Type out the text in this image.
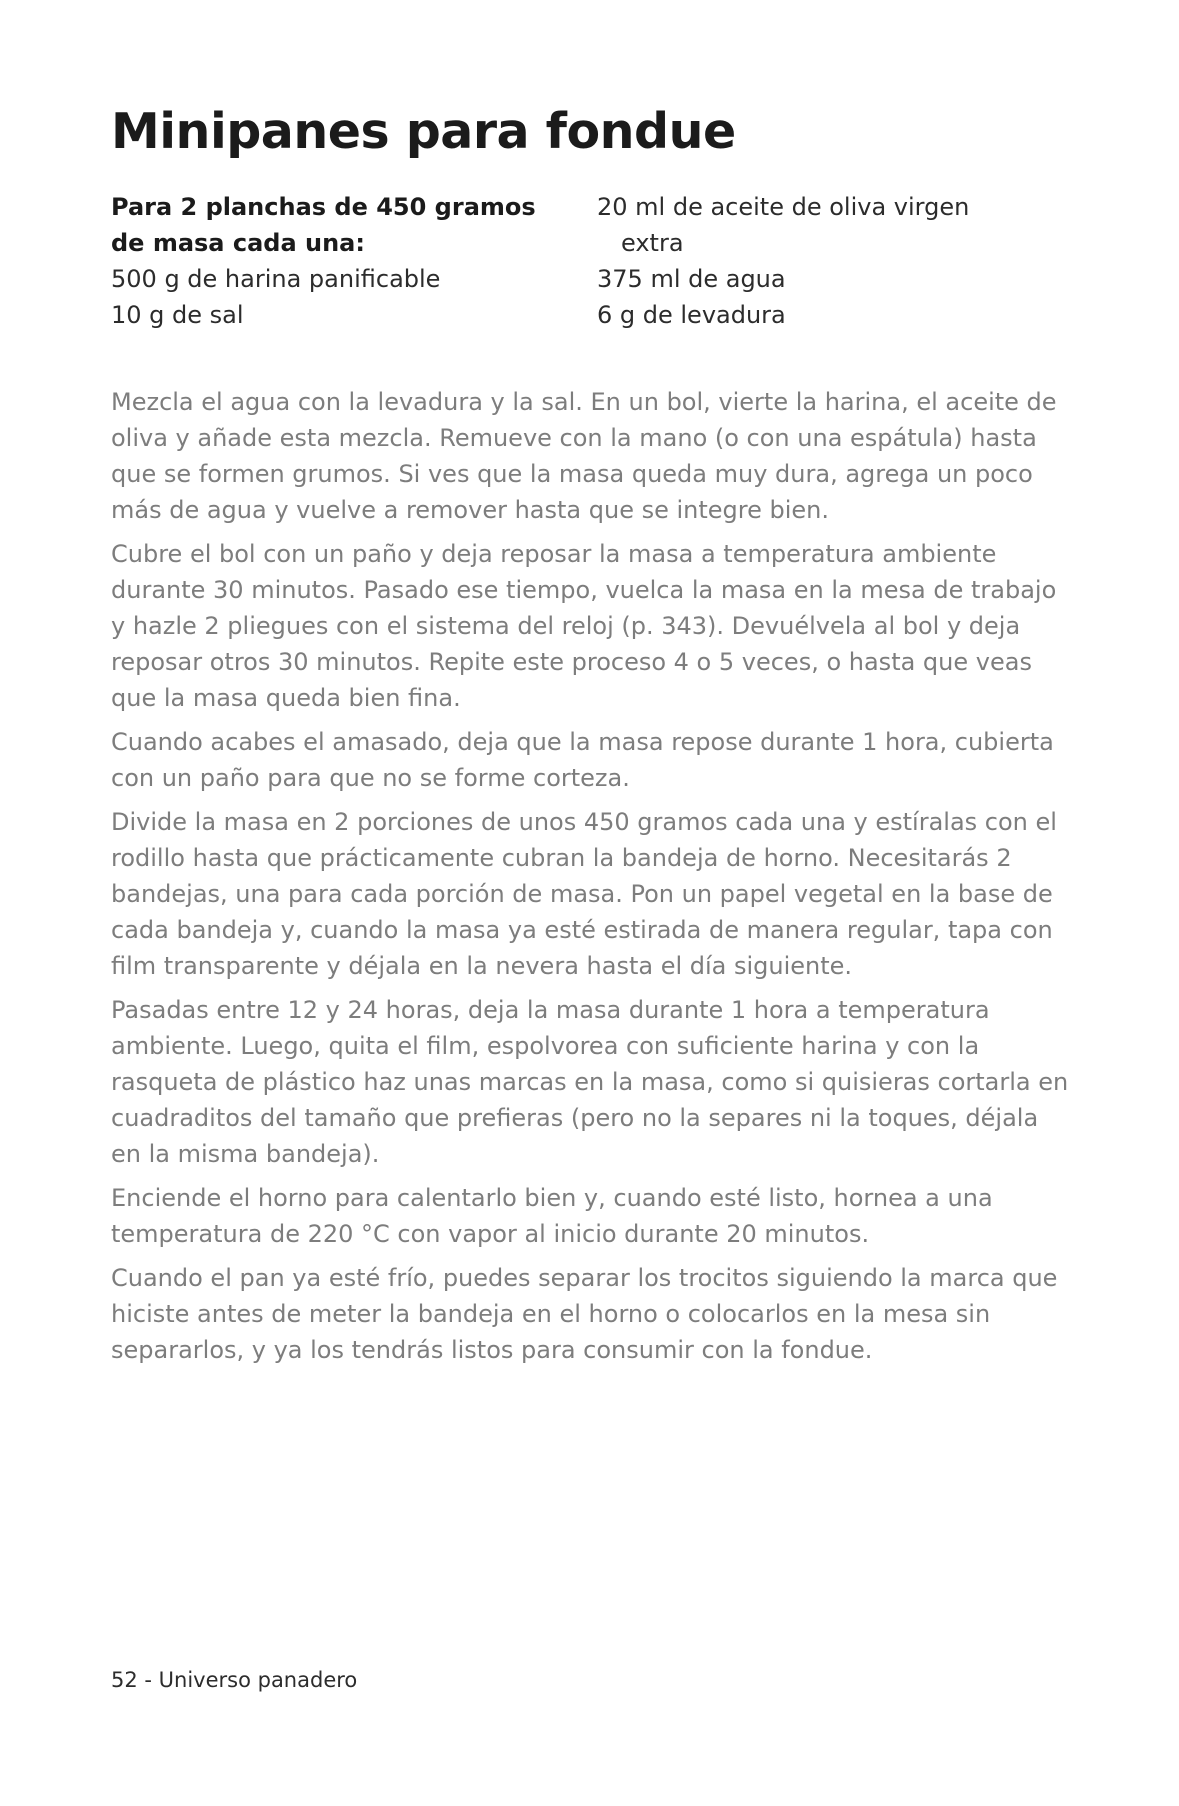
Minipanes para fondue
Para 2 planchas de 450 gramos
de masa cada una:
500 g de harina panificable
10 g de sal
20 ml de aceite de oliva virgen
extra
375 ml de agua
6 g de levadura

Mezcla el agua con la levadura y la sal. En un bol, vierte la harina, el aceite de oliva y añade esta mezcla. Remueve con la mano (o con una espátula) hasta que se formen grumos. Si ves que la masa queda muy dura, agrega un poco más de agua y vuelve a remover hasta que se integre bien.

Cubre el bol con un paño y deja reposar la masa a temperatura ambiente durante 30 minutos. Pasado ese tiempo, vuelca la masa en la mesa de trabajo y hazle 2 pliegues con el sistema del reloj (p. 343). Devuélvela al bol y deja reposar otros 30 minutos. Repite este proceso 4 o 5 veces, o hasta que veas que la masa queda bien fina.

Cuando acabes el amasado, deja que la masa repose durante 1 hora, cubierta con un paño para que no se forme corteza.

Divide la masa en 2 porciones de unos 450 gramos cada una y estíralas con el rodillo hasta que prácticamente cubran la bandeja de horno. Necesitarás 2 bandejas, una para cada porción de masa. Pon un papel vegetal en la base de cada bandeja y, cuando la masa ya esté estirada de manera regular, tapa con film transparente y déjala en la nevera hasta el día siguiente.

Pasadas entre 12 y 24 horas, deja la masa durante 1 hora a temperatura ambiente. Luego, quita el film, espolvorea con suficiente harina y con la rasqueta de plástico haz unas marcas en la masa, como si quisieras cortarla en cuadraditos del tamaño que prefieras (pero no la separes ni la toques, déjala en la misma bandeja).

Enciende el horno para calentarlo bien y, cuando esté listo, hornea a una temperatura de 220 °C con vapor al inicio durante 20 minutos.

Cuando el pan ya esté frío, puedes separar los trocitos siguiendo la marca que hiciste antes de meter la bandeja en el horno o colocarlos en la mesa sin separarlos, y ya los tendrás listos para consumir con la fondue.

52 - Universo panadero
